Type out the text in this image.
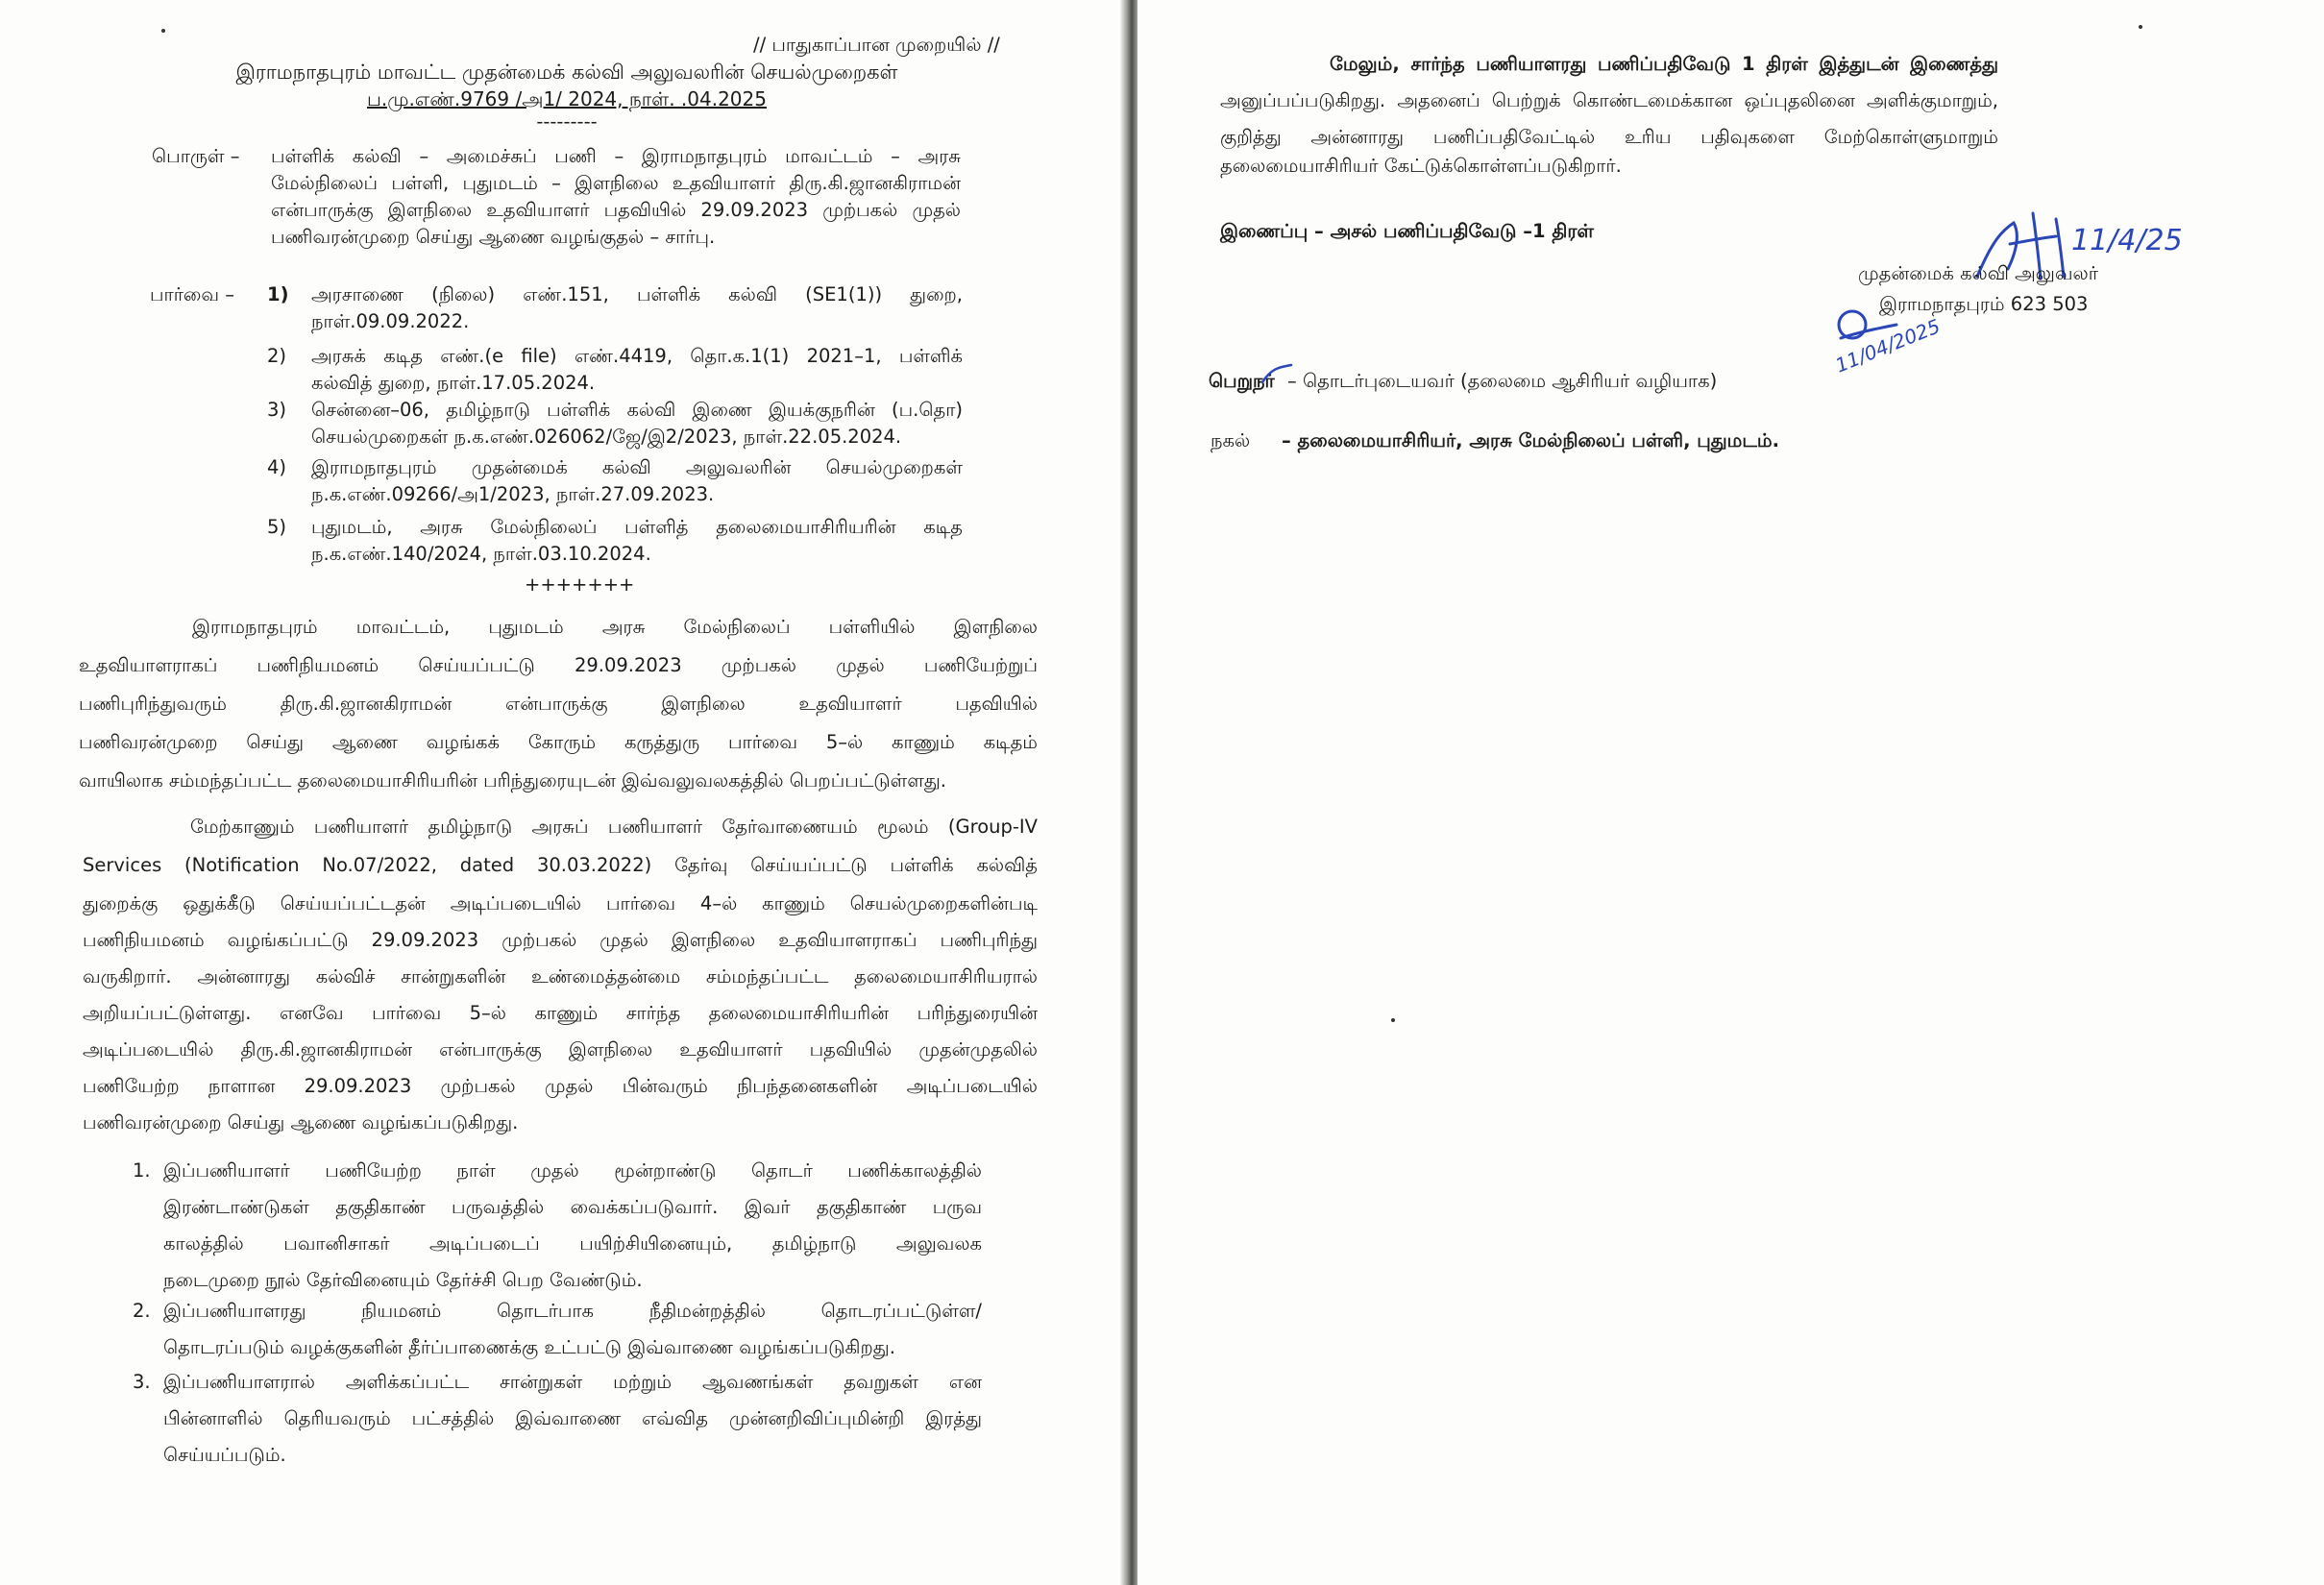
// பாதுகாப்பான முறையில் //
இராமநாதபுரம் மாவட்ட முதன்மைக் கல்வி அலுவலரின் செயல்முறைகள்
ப.மு.எண்.9769 /அ1/ 2024, நாள். .04.2025
---------
பொருள் – பள்ளிக் கல்வி – அமைச்சுப் பணி – இராமநாதபுரம் மாவட்டம் – அரசு
மேல்நிலைப் பள்ளி, புதுமடம் – இளநிலை உதவியாளர் திரு.கி.ஜானகிராமன்
என்பாருக்கு இளநிலை உதவியாளர் பதவியில் 29.09.2023 முற்பகல் முதல்
பணிவரன்முறை செய்து ஆணை வழங்குதல் – சார்பு.
பார்வை – 1) அரசாணை (நிலை) எண்.151, பள்ளிக் கல்வி (SE1(1)) துறை,
நாள்.09.09.2022.
2) அரசுக் கடித எண்.(e file) எண்.4419, தொ.க.1(1) 2021–1, பள்ளிக்
கல்வித் துறை, நாள்.17.05.2024.
3) சென்னை–06, தமிழ்நாடு பள்ளிக் கல்வி இணை இயக்குநரின் (ப.தொ)
செயல்முறைகள் ந.க.எண்.026062/ஜே/இ2/2023, நாள்.22.05.2024.
4) இராமநாதபுரம் முதன்மைக் கல்வி அலுவலரின் செயல்முறைகள்
ந.க.எண்.09266/அ1/2023, நாள்.27.09.2023.
5) புதுமடம், அரசு மேல்நிலைப் பள்ளித் தலைமையாசிரியரின் கடித
ந.க.எண்.140/2024, நாள்.03.10.2024.
+++++++
இராமநாதபுரம் மாவட்டம், புதுமடம் அரசு மேல்நிலைப் பள்ளியில் இளநிலை
உதவியாளராகப் பணிநியமனம் செய்யப்பட்டு 29.09.2023 முற்பகல் முதல் பணியேற்றுப்
பணிபுரிந்துவரும் திரு.கி.ஜானகிராமன் என்பாருக்கு இளநிலை உதவியாளர் பதவியில்
பணிவரன்முறை செய்து ஆணை வழங்கக் கோரும் கருத்துரு பார்வை 5–ல் காணும் கடிதம்
வாயிலாக சம்மந்தப்பட்ட தலைமையாசிரியரின் பரிந்துரையுடன் இவ்வலுவலகத்தில் பெறப்பட்டுள்ளது.
மேற்காணும் பணியாளர் தமிழ்நாடு அரசுப் பணியாளர் தேர்வாணையம் மூலம் (Group-IV
Services (Notification No.07/2022, dated 30.03.2022) தேர்வு செய்யப்பட்டு பள்ளிக் கல்வித்
துறைக்கு ஒதுக்கீடு செய்யப்பட்டதன் அடிப்படையில் பார்வை 4–ல் காணும் செயல்முறைகளின்படி
பணிநியமனம் வழங்கப்பட்டு 29.09.2023 முற்பகல் முதல் இளநிலை உதவியாளராகப் பணிபுரிந்து
வருகிறார். அன்னாரது கல்விச் சான்றுகளின் உண்மைத்தன்மை சம்மந்தப்பட்ட தலைமையாசிரியரால்
அறியப்பட்டுள்ளது. எனவே பார்வை 5–ல் காணும் சார்ந்த தலைமையாசிரியரின் பரிந்துரையின்
அடிப்படையில் திரு.கி.ஜானகிராமன் என்பாருக்கு இளநிலை உதவியாளர் பதவியில் முதன்முதலில்
பணியேற்ற நாளான 29.09.2023 முற்பகல் முதல் பின்வரும் நிபந்தனைகளின் அடிப்படையில்
பணிவரன்முறை செய்து ஆணை வழங்கப்படுகிறது.
1. இப்பணியாளர் பணியேற்ற நாள் முதல் மூன்றாண்டு தொடர் பணிக்காலத்தில்
இரண்டாண்டுகள் தகுதிகாண் பருவத்தில் வைக்கப்படுவார். இவர் தகுதிகாண் பருவ
காலத்தில் பவானிசாகர் அடிப்படைப் பயிற்சியினையும், தமிழ்நாடு அலுவலக
நடைமுறை நூல் தேர்வினையும் தேர்ச்சி பெற வேண்டும்.
2. இப்பணியாளரது நியமனம் தொடர்பாக நீதிமன்றத்தில் தொடரப்பட்டுள்ள/
தொடரப்படும் வழக்குகளின் தீர்ப்பாணைக்கு உட்பட்டு இவ்வாணை வழங்கப்படுகிறது.
3. இப்பணியாளரால் அளிக்கப்பட்ட சான்றுகள் மற்றும் ஆவணங்கள் தவறுகள் என
பின்னாளில் தெரியவரும் பட்சத்தில் இவ்வாணை எவ்வித முன்னறிவிப்புமின்றி இரத்து
செய்யப்படும்.
மேலும், சார்ந்த பணியாளரது பணிப்பதிவேடு 1 திரள் இத்துடன் இணைத்து
அனுப்பப்படுகிறது. அதனைப் பெற்றுக் கொண்டமைக்கான ஒப்புதலினை அளிக்குமாறும்,
குறித்து அன்னாரது பணிப்பதிவேட்டில் உரிய பதிவுகளை மேற்கொள்ளுமாறும்
தலைமையாசிரியர் கேட்டுக்கொள்ளப்படுகிறார்.
இணைப்பு – அசல் பணிப்பதிவேடு –1 திரள்	11/4/25
முதன்மைக் கல்வி அலுவலர்
இராமநாதபுரம் 623 503
11/04/2025
பெறுநர் – தொடர்புடையவர் (தலைமை ஆசிரியர் வழியாக)
நகல் – தலைமையாசிரியர், அரசு மேல்நிலைப் பள்ளி, புதுமடம்.
